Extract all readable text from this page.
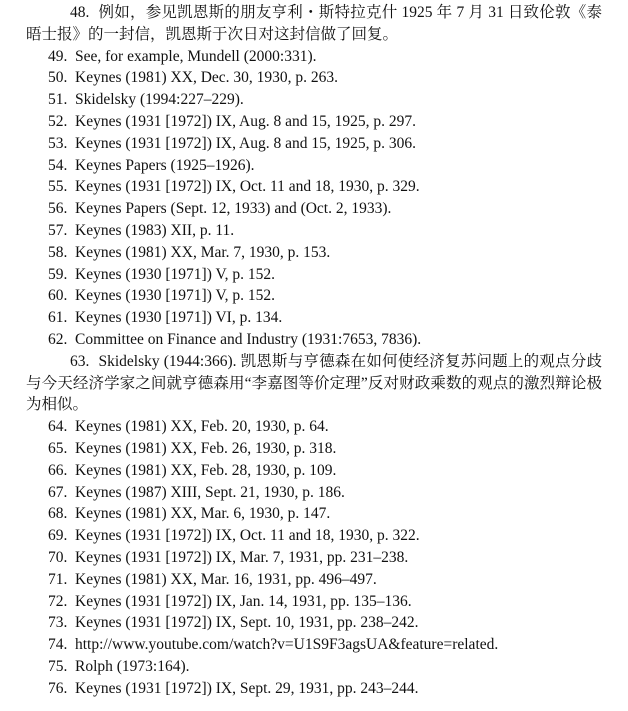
48. 例如，参见凯恩斯的朋友亨利・斯特拉克什 1925 年 7 月 31 日致伦敦《泰晤士报》的一封信，凯恩斯于次日对这封信做了回复。
49. See, for example, Mundell (2000:331).
50. Keynes (1981) XX, Dec. 30, 1930, p. 263.
51. Skidelsky (1994:227–229).
52. Keynes (1931 [1972]) IX, Aug. 8 and 15, 1925, p. 297.
53. Keynes (1931 [1972]) IX, Aug. 8 and 15, 1925, p. 306.
54. Keynes Papers (1925–1926).
55. Keynes (1931 [1972]) IX, Oct. 11 and 18, 1930, p. 329.
56. Keynes Papers (Sept. 12, 1933) and (Oct. 2, 1933).
57. Keynes (1983) XII, p. 11.
58. Keynes (1981) XX, Mar. 7, 1930, p. 153.
59. Keynes (1930 [1971]) V, p. 152.
60. Keynes (1930 [1971]) V, p. 152.
61. Keynes (1930 [1971]) VI, p. 134.
62. Committee on Finance and Industry (1931:7653, 7836).
63. Skidelsky (1944:366). 凯恩斯与亨德森在如何使经济复苏问题上的观点分歧与今天经济学家之间就亨德森用“李嘉图等价定理”反对财政乘数的观点的激烈辩论极为相似。
64. Keynes (1981) XX, Feb. 20, 1930, p. 64.
65. Keynes (1981) XX, Feb. 26, 1930, p. 318.
66. Keynes (1981) XX, Feb. 28, 1930, p. 109.
67. Keynes (1987) XIII, Sept. 21, 1930, p. 186.
68. Keynes (1981) XX, Mar. 6, 1930, p. 147.
69. Keynes (1931 [1972]) IX, Oct. 11 and 18, 1930, p. 322.
70. Keynes (1931 [1972]) IX, Mar. 7, 1931, pp. 231–238.
71. Keynes (1981) XX, Mar. 16, 1931, pp. 496–497.
72. Keynes (1931 [1972]) IX, Jan. 14, 1931, pp. 135–136.
73. Keynes (1931 [1972]) IX, Sept. 10, 1931, pp. 238–242.
74. http://www.youtube.com/watch?v=U1S9F3agsUA&feature=related.
75. Rolph (1973:164).
76. Keynes (1931 [1972]) IX, Sept. 29, 1931, pp. 243–244.
